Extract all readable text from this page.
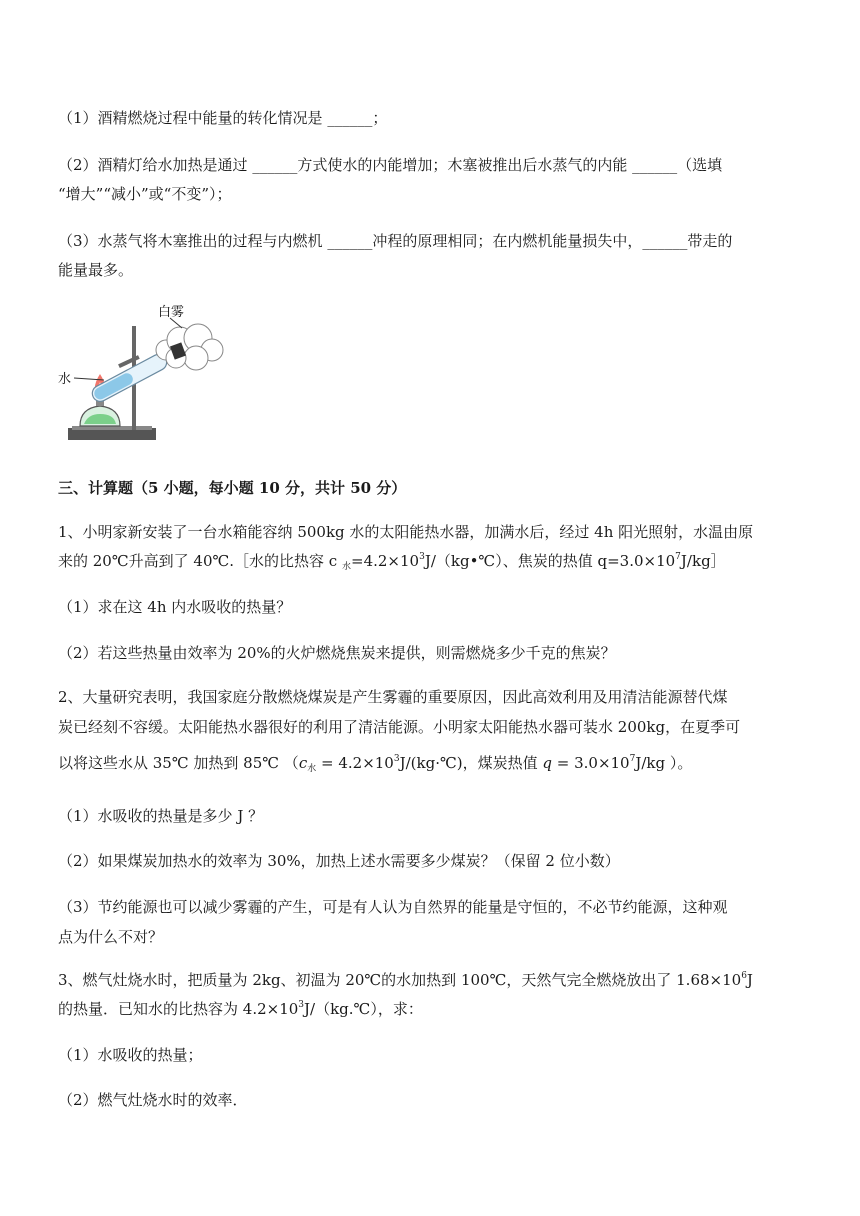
（1）酒精燃烧过程中能量的转化情况是 ______；
（2）酒精灯给水加热是通过 ______方式使水的内能增加；木塞被推出后水蒸气的内能 ______（选填
“增大”“减小”或“不变”）；
（3）水蒸气将木塞推出的过程与内燃机 ______冲程的原理相同；在内燃机能量损失中，______带走的
能量最多。
白雾
水
三、计算题（5 小题，每小题 10 分，共计 50 分）
1、小明家新安装了一台水箱能容纳 500kg 水的太阳能热水器，加满水后，经过 4h 阳光照射，水温由原
来的 20℃升高到了 40℃.［水的比热容 c $_水=4.2\times 10^3J/(kg•℃)$、焦炭的热值 $q=3.0\times 10^7J/kg]$
（1）求在这 4h 内水吸收的热量？
（2）若这些热量由效率为 20%的火炉燃烧焦炭来提供，则需燃烧多少千克的焦炭？
2、大量研究表明，我国家庭分散燃烧煤炭是产生雾霾的重要原因，因此高效利用及用清洁能源替代煤
炭已经刻不容缓。太阳能热水器很好的利用了清洁能源。小明家太阳能热水器可装水 200kg，在夏季可
以将这些水从 35℃ 加热到 85℃ （$c_水$ = $4.2\times 10^3J/(kg\cdot℃)$，煤炭热值 $q = 3.0\times 10^7J/kg$ ）。
（1）水吸收的热量是多少 J ？
（2）如果煤炭加热水的效率为 30%，加热上述水需要多少煤炭？（保留 2 位小数）
（3）节约能源也可以减少雾霾的产生，可是有人认为自然界的能量是守恒的，不必节约能源，这种观
点为什么不对？
3、燃气灶烧水时，把质量为 2kg、初温为 20℃的水加热到 100℃，天然气完全燃烧放出了 $1.68\times 10^6J$
的热量．已知水的比热容为 $4.2\times 10^3J/(kg.℃)$，求：
（1）水吸收的热量；
（2）燃气灶烧水时的效率．
